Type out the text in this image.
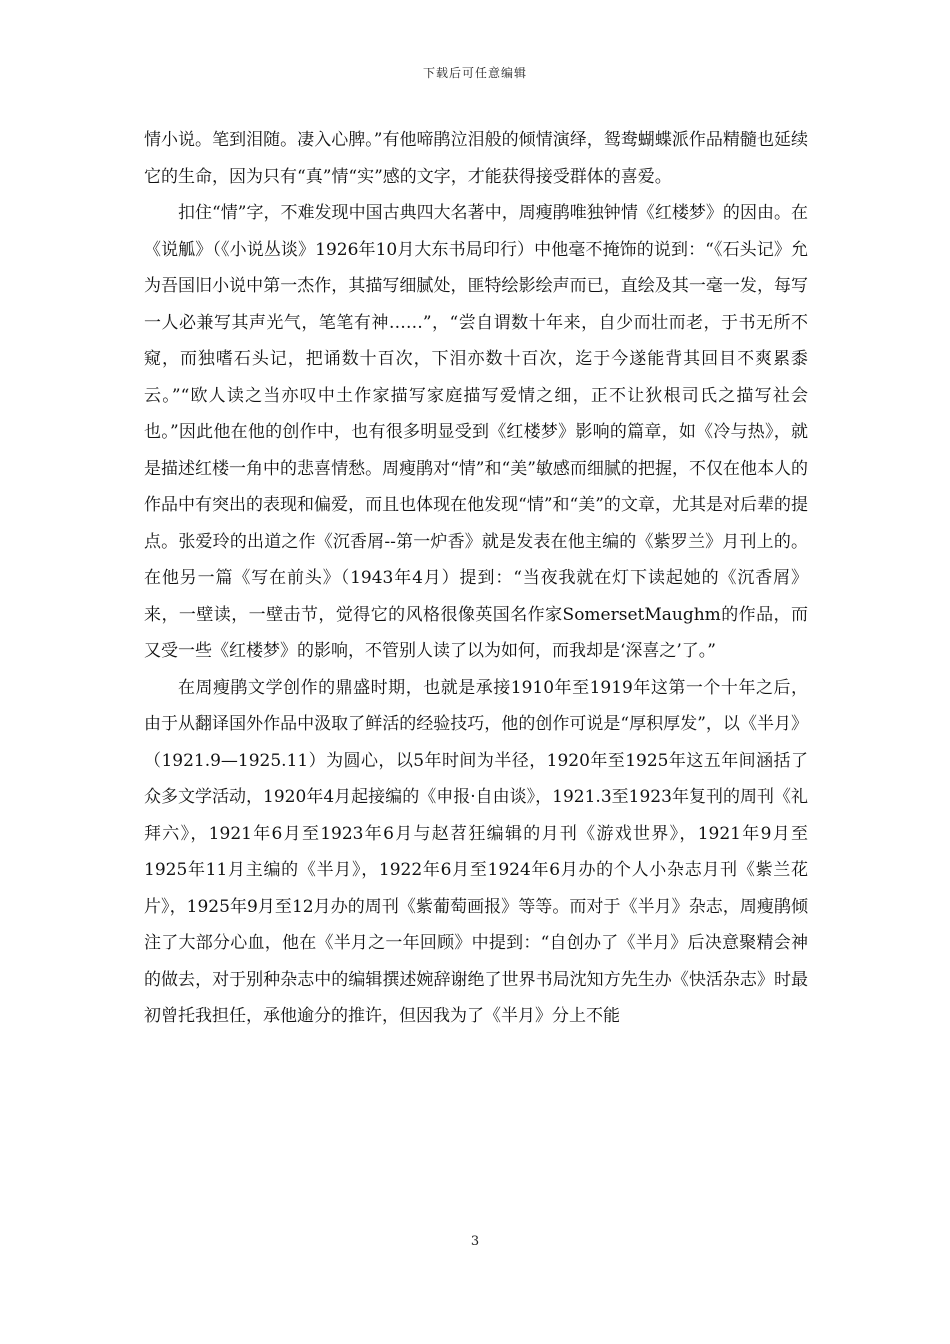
下载后可任意编辑

情小说。笔到泪随。凄入心脾。”有他啼鹃泣泪般的倾情演绎，鸳鸯蝴蝶派作品精髓也延续它的生命，因为只有“真”情“实”感的文字，才能获得接受群体的喜爱。

扣住“情”字，不难发现中国古典四大名著中，周瘦鹃唯独钟情《红楼梦》的因由。在《说觚》（《小说丛谈》1926年10月大东书局印行）中他毫不掩饰的说到：“《石头记》允为吾国旧小说中第一杰作，其描写细腻处，匪特绘影绘声而已，直绘及其一毫一发，每写一人必兼写其声光气，笔笔有神……”，“尝自谓数十年来，自少而壮而老，于书无所不窥，而独嗜石头记，把诵数十百次，下泪亦数十百次，迄于今遂能背其回目不爽累黍云。”“欧人读之当亦叹中土作家描写家庭描写爱情之细，正不让狄根司氏之描写社会也。”因此他在他的创作中，也有很多明显受到《红楼梦》影响的篇章，如《冷与热》，就是描述红楼一角中的悲喜情愁。周瘦鹃对“情”和“美”敏感而细腻的把握，不仅在他本人的作品中有突出的表现和偏爱，而且也体现在他发现“情”和“美”的文章，尤其是对后辈的提点。张爱玲的出道之作《沉香屑--第一炉香》就是发表在他主编的《紫罗兰》月刊上的。在他另一篇《写在前头》（1943年4月）提到：“当夜我就在灯下读起她的《沉香屑》来，一壁读，一壁击节，觉得它的风格很像英国名作家SomersetMaughm的作品，而又受一些《红楼梦》的影响，不管别人读了以为如何，而我却是‘深喜之’了。”

在周瘦鹃文学创作的鼎盛时期，也就是承接1910年至1919年这第一个十年之后，由于从翻译国外作品中汲取了鲜活的经验技巧，他的创作可说是“厚积厚发”，以《半月》（1921.9—1925.11）为圆心，以5年时间为半径，1920年至1925年这五年间涵括了众多文学活动，1920年4月起接编的《申报·自由谈》，1921.3至1923年复刊的周刊《礼拜六》，1921年6月至1923年6月与赵苕狂编辑的月刊《游戏世界》，1921年9月至1925年11月主编的《半月》，1922年6月至1924年6月办的个人小杂志月刊《紫兰花片》，1925年9月至12月办的周刊《紫葡萄画报》等等。而对于《半月》杂志，周瘦鹃倾注了大部分心血，他在《半月之一年回顾》中提到：“自创办了《半月》后决意聚精会神的做去，对于别种杂志中的编辑撰述婉辞谢绝了世界书局沈知方先生办《快活杂志》时最初曾托我担任，承他逾分的推许，但因我为了《半月》分上不能

3
